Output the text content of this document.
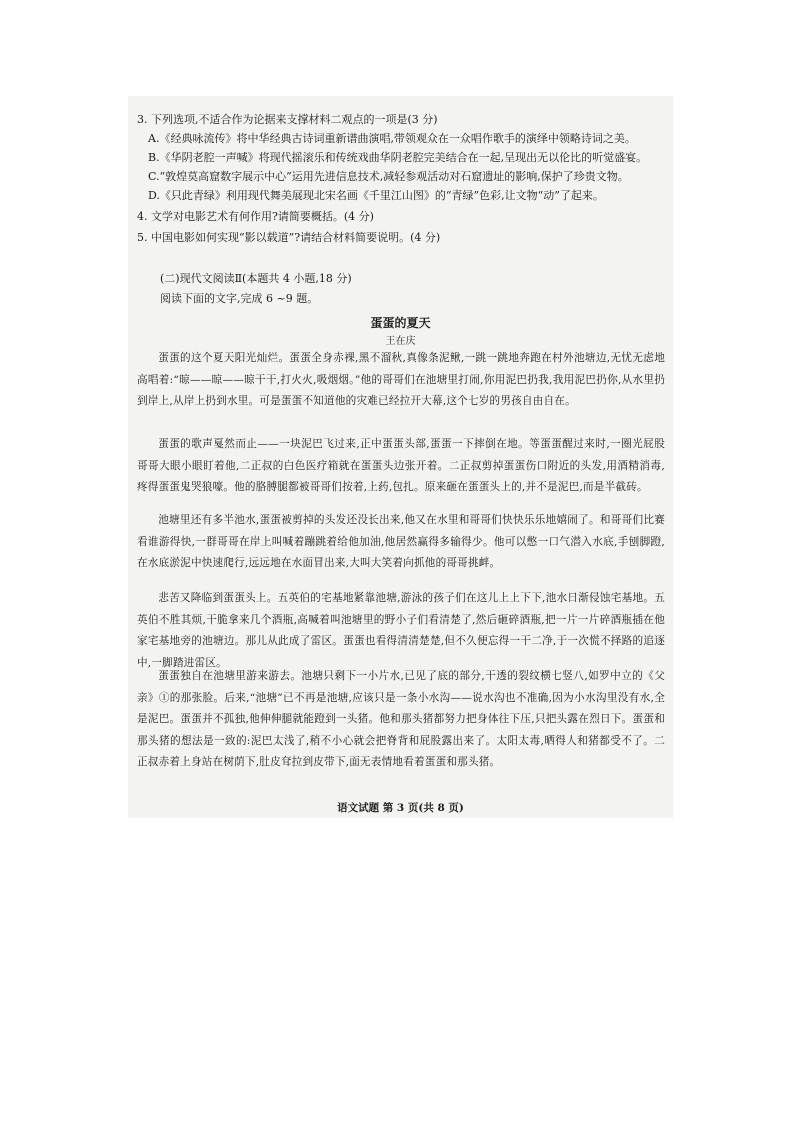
3. 下列选项,不适合作为论据来支撑材料二观点的一项是(3 分)
A.《经典咏流传》将中华经典古诗词重新谱曲演唱,带领观众在一众唱作歌手的演绎中领略诗词之美。
B.《华阴老腔一声喊》将现代摇滚乐和传统戏曲华阴老腔完美结合在一起,呈现出无以伦比的听觉盛宴。
C.“敦煌莫高窟数字展示中心”运用先进信息技术,减轻参观活动对石窟遗址的影响,保护了珍贵文物。
D.《只此青绿》利用现代舞美展现北宋名画《千里江山图》的“青绿”色彩,让文物“动”了起来。
4. 文学对电影艺术有何作用?请简要概括。(4 分)
5. 中国电影如何实现“影以载道”?请结合材料简要说明。(4 分)
(二)现代文阅读Ⅱ(本题共 4 小题,18 分)
阅读下面的文字,完成 6 ~9 题。
蛋蛋的夏天
王在庆
蛋蛋的这个夏天阳光灿烂。蛋蛋全身赤裸,黑不溜秋,真像条泥鳅,一跳一跳地奔跑在村外池塘边,无忧无虑地高唱着:“晾——晾——晾干干,打火火,吸烟烟。”他的哥哥们在池塘里打闹,你用泥巴扔我,我用泥巴扔你,从水里扔到岸上,从岸上扔到水里。可是蛋蛋不知道他的灾难已经拉开大幕,这个七岁的男孩自由自在。
蛋蛋的歌声戛然而止——一块泥巴飞过来,正中蛋蛋头部,蛋蛋一下摔倒在地。等蛋蛋醒过来时,一圈光屁股哥哥大眼小眼盯着他,二正叔的白色医疗箱就在蛋蛋头边张开着。二正叔剪掉蛋蛋伤口附近的头发,用酒精消毒,疼得蛋蛋鬼哭狼嚎。他的胳膊腿都被哥哥们按着,上药,包扎。原来砸在蛋蛋头上的,并不是泥巴,而是半截砖。
池塘里还有多半池水,蛋蛋被剪掉的头发还没长出来,他又在水里和哥哥们快快乐乐地嬉闹了。和哥哥们比赛看谁游得快,一群哥哥在岸上叫喊着蹦跳着给他加油,他居然赢得多输得少。他可以憋一口气潜入水底,手刨脚蹬,在水底淤泥中快速爬行,远远地在水面冒出来,大叫大笑着向抓他的哥哥挑衅。
悲苦又降临到蛋蛋头上。五英伯的宅基地紧靠池塘,游泳的孩子们在这儿上上下下,池水日渐侵蚀宅基地。五英伯不胜其烦,干脆拿来几个酒瓶,高喊着叫池塘里的野小子们看清楚了,然后砸碎酒瓶,把一片一片碎酒瓶插在他家宅基地旁的池塘边。那儿从此成了雷区。蛋蛋也看得清清楚楚,但不久便忘得一干二净,于一次慌不择路的追逐中,一脚踏进雷区。
蛋蛋独自在池塘里游来游去。池塘只剩下一小片水,已见了底的部分,干透的裂纹横七竖八,如罗中立的《父亲》①的那张脸。后来,“池塘”已不再是池塘,应该只是一条小水沟——说水沟也不准确,因为小水沟里没有水,全是泥巴。蛋蛋并不孤独,他伸伸腿就能蹬到一头猪。他和那头猪都努力把身体往下压,只把头露在烈日下。蛋蛋和那头猪的想法是一致的:泥巴太浅了,稍不小心就会把脊背和屁股露出来了。太阳太毒,晒得人和猪都受不了。二正叔赤着上身站在树荫下,肚皮耷拉到皮带下,面无表情地看着蛋蛋和那头猪。
语文试题 第 3 页(共 8 页)
